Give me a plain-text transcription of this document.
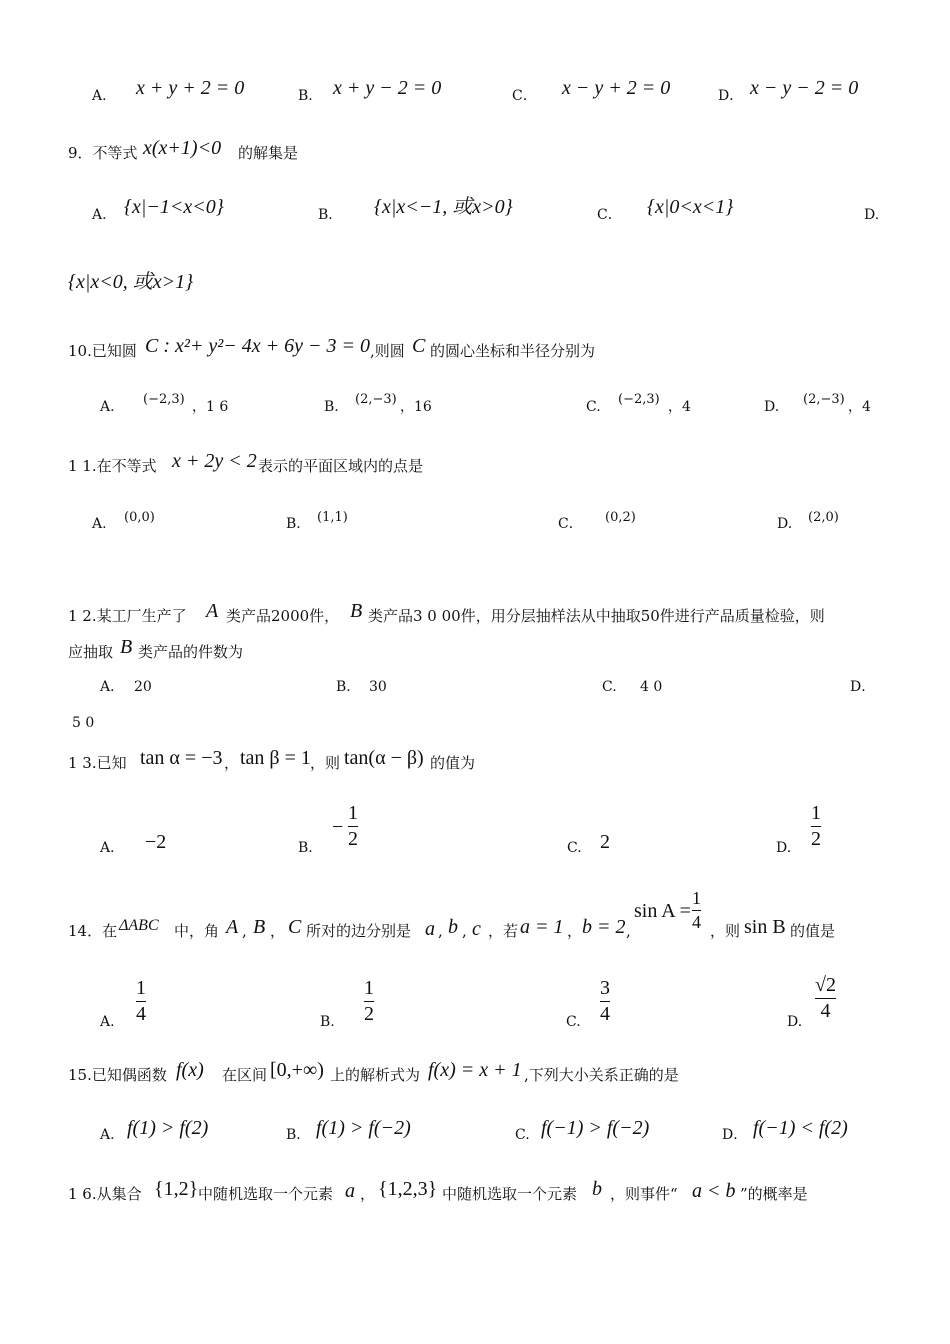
A. x + y + 2 = 0	B. x + y − 2 = 0	C． x − y + 2 = 0	D． x − y − 2 = 0
9．不等式 x(x+1)<0 的解集是
A. {x|−1<x<0}	B． {x|x<−1, 或x>0}	C． {x|0<x<1}	D.
{x|x<0, 或x>1}
10.已知圆 C : x²+ y²− 4x + 6y − 3 = 0 ,则圆 C 的圆心坐标和半径分别为
A. (−2,3) ，1 6	B. (2,−3) ，16	C. (−2,3) ，4	D. (2,−3) ，4
1 1.在不等式 x + 2y < 2 表示的平面区域内的点是
A. (0,0)	B. (1,1)	C． (0,2)	D. (2,0)
1 2.某工厂生产了 A 类产品2000件， B 类产品3 0 00件，用分层抽样法从中抽取50件进行产品质量检验，则
应抽取 B 类产品的件数为
A． 20	B. 30	C. 4 0	D．
5 0
1 3.已知 tan α = −3 ， tan β = 1 ，则 tan(α − β) 的值为
A． −2	B.
−
1
2	C. 2	D.
1
2
14．在 ΔABC 中，角 A , B ， C 所对的边分别是 a , b , c ，若 a = 1 ， b = 2 ,
sin A =
1
4 ，则 sin B 的值是
A.
1
4	B.
1
2	C.
3
4	D.
√2
4
15.已知偶函数 f(x) 在区间 [0,+∞) 上的解析式为 f(x) = x + 1 ,下列大小关系正确的是
A. f(1) > f(2)	B． f(1) > f(−2)	C. f(−1) > f(−2)	D． f(−1) < f(2)
1 6.从集合 {1,2} 中随机选取一个元素 a ， {1,2,3} 中随机选取一个元素 b ，则事件“ a < b ”的概率是
